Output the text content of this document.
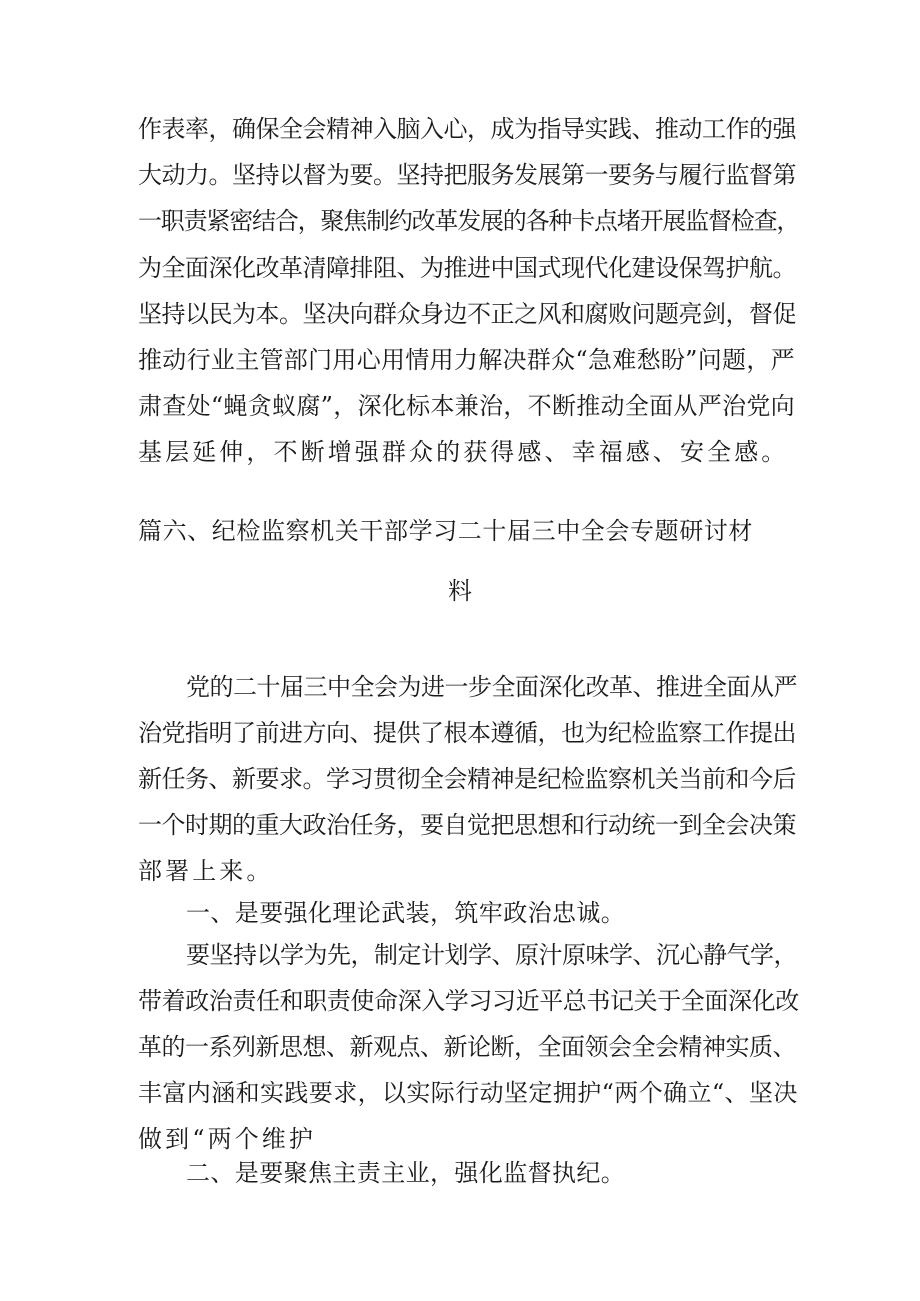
作表率，确保全会精神入脑入心，成为指导实践、推动工作的强
大动力。坚持以督为要。坚持把服务发展第一要务与履行监督第
一职责紧密结合，聚焦制约改革发展的各种卡点堵开展监督检查，
为全面深化改革清障排阻、为推进中国式现代化建设保驾护航。
坚持以民为本。坚决向群众身边不正之风和腐败问题亮剑，督促
推动行业主管部门用心用情用力解决群众“急难愁盼”问题，严
肃查处“蝇贪蚁腐”，深化标本兼治，不断推动全面从严治党向
篇六、纪检监察机关干部学习二十届三中全会专题研讨材
料
党的二十届三中全会为进一步全面深化改革、推进全面从严
治党指明了前进方向、提供了根本遵循，也为纪检监察工作提出
新任务、新要求。学习贯彻全会精神是纪检监察机关当前和今后
一个时期的重大政治任务，要自觉把思想和行动统一到全会决策
一、是要强化理论武装，筑牢政治忠诚。
要坚持以学为先，制定计划学、原汁原味学、沉心静气学，
带着政治责任和职责使命深入学习习近平总书记关于全面深化改
革的一系列新思想、新观点、新论断，全面领会全会精神实质、
丰富内涵和实践要求，以实际行动坚定拥护“两个确立“、坚决
二、是要聚焦主责主业，强化监督执纪。
基层延伸，不断增强群众的获得感、幸福感、安全感。
部署上来。
做到“两个维护
